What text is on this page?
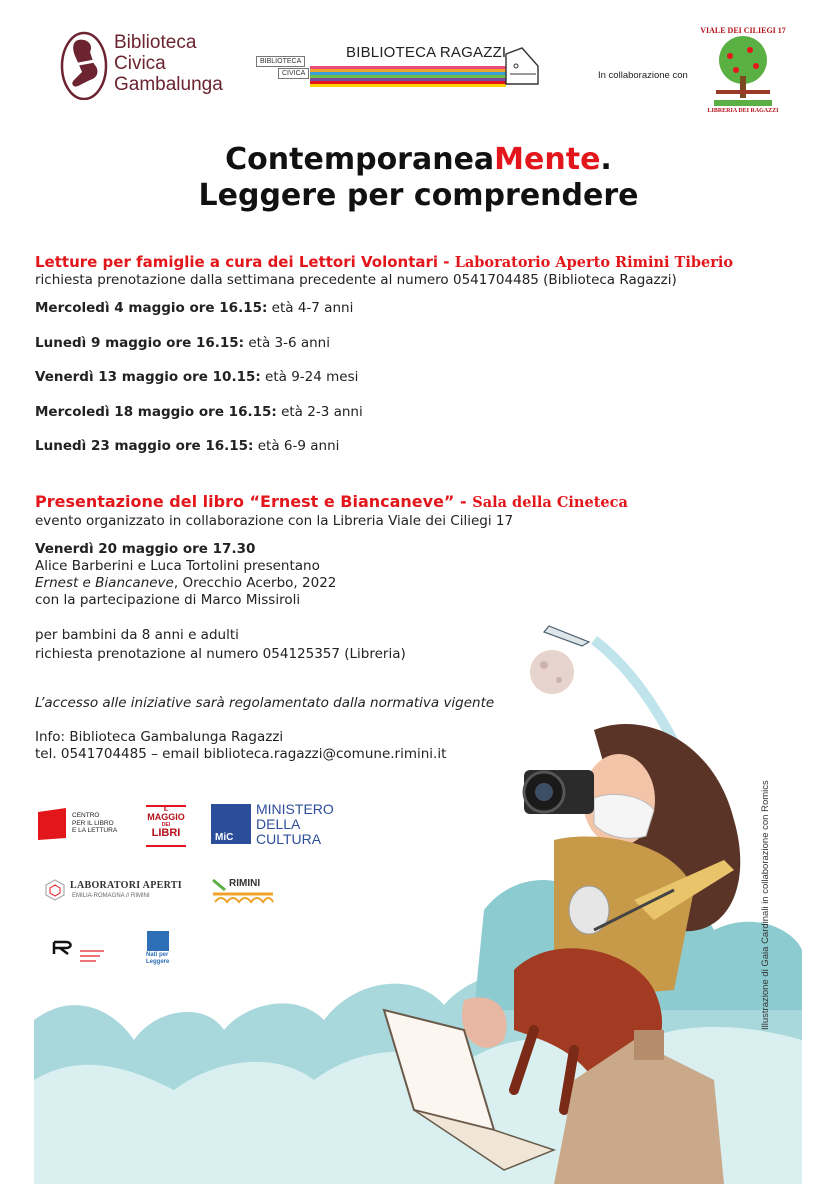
Biblioteca
Civica
Gambalunga
BIBLIOTECA RAGAZZI
BIBLIOTECA
CIVICA	In collaborazione con
VIALE DEI CILIEGI 17
LIBRERIA DEI RAGAZZI
ContemporaneaMente.
Leggere per comprendere
Letture per famiglie a cura dei Lettori Volontari - Laboratorio Aperto Rimini Tiberio
richiesta prenotazione dalla settimana precedente al numero 0541704485 (Biblioteca Ragazzi)
Mercoledì 4 maggio ore 16.15: età 4-7 anni
Lunedì 9 maggio ore 16.15: età 3-6 anni
Venerdì 13 maggio ore 10.15: età 9-24 mesi
Mercoledì 18 maggio ore 16.15: età 2-3 anni
Lunedì 23 maggio ore 16.15: età 6-9 anni
Presentazione del libro “Ernest e Biancaneve” - Sala della Cineteca
evento organizzato in collaborazione con la Libreria Viale dei Ciliegi 17
Venerdì 20 maggio ore 17.30
Alice Barberini e Luca Tortolini presentano
Ernest e Biancaneve, Orecchio Acerbo, 2022
con la partecipazione di Marco Missiroli
per bambini da 8 anni e adulti
richiesta prenotazione al numero 054125357 (Libreria)
L’accesso alle iniziative sarà regolamentato dalla normativa vigente
Info: Biblioteca Gambalunga Ragazzi
tel. 0541704485 – email biblioteca.ragazzi@comune.rimini.it
CENTRO
PER IL LIBRO
E LA LETTURA
IL
MAGGIO
DEI
LIBRI	MiC
MINISTERO
DELLA
CULTURA
LABORATORI APERTI
EMILIA-ROMAGNA // RIMINI
RIMINI
Nati per
Leggere	Illustrazione di Gaia Cardinali in collaborazione con Romics
